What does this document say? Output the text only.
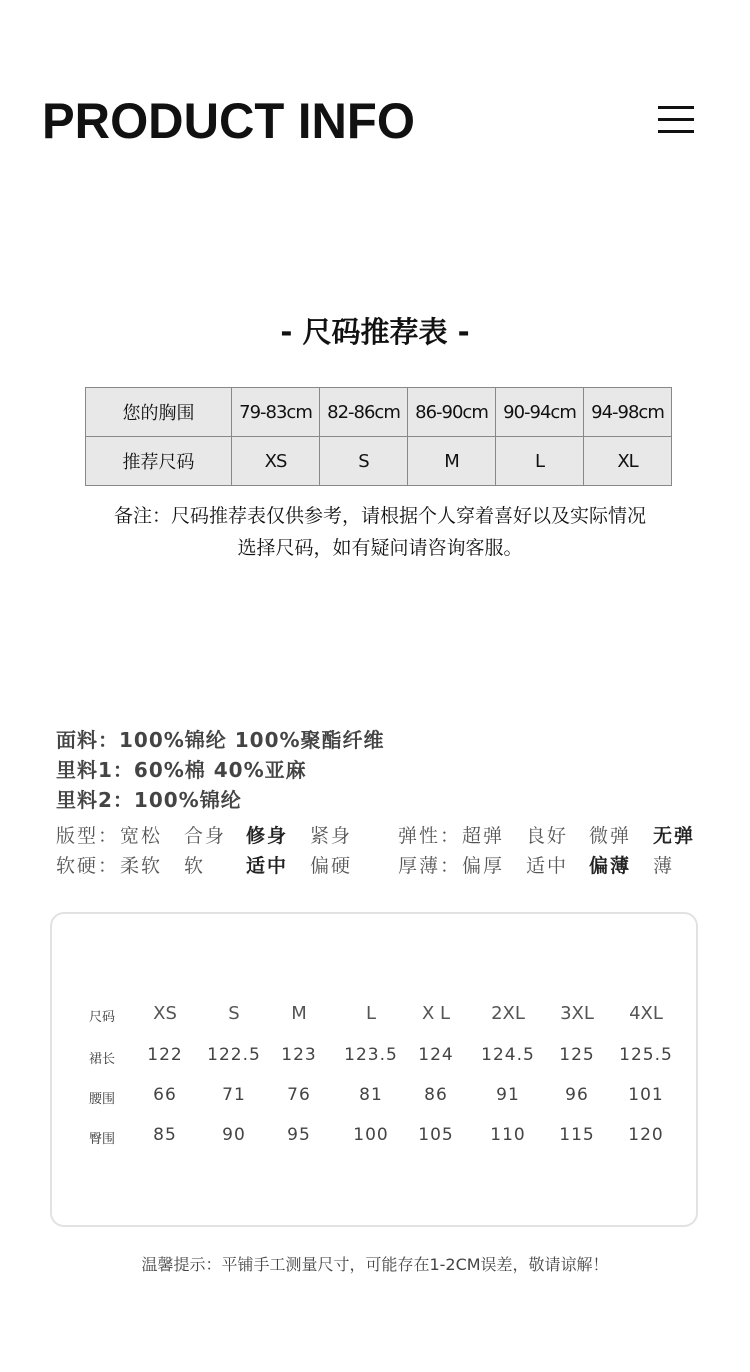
PRODUCT INFO
- 尺码推荐表 -
您的胸围	79-83cm	82-86cm	86-90cm	90-94cm	94-98cm
推荐尺码	XS	S	M	L	XL
备注：尺码推荐表仅供参考，请根据个人穿着喜好以及实际情况
选择尺码，如有疑问请咨询客服。
面料：100%锦纶 100%聚酯纤维
里料1：60%棉 40%亚麻
里料2：100%锦纶
版型： 宽松 合身 修身 紧身 弹性： 超弹 良好 微弹 无弹
软硬： 柔软 软 适中 偏硬 厚薄： 偏厚 适中 偏薄 薄
尺码	XS	S	M	L	X L	2XL	3XL	4XL
裙长	122	122.5	123	123.5	124	124.5	125	125.5
腰围	66	71	76	81	86	91	96	101
臀围	85	90	95	100	105	110	115	120
温馨提示：平铺手工测量尺寸，可能存在1-2CM误差，敬请谅解！
